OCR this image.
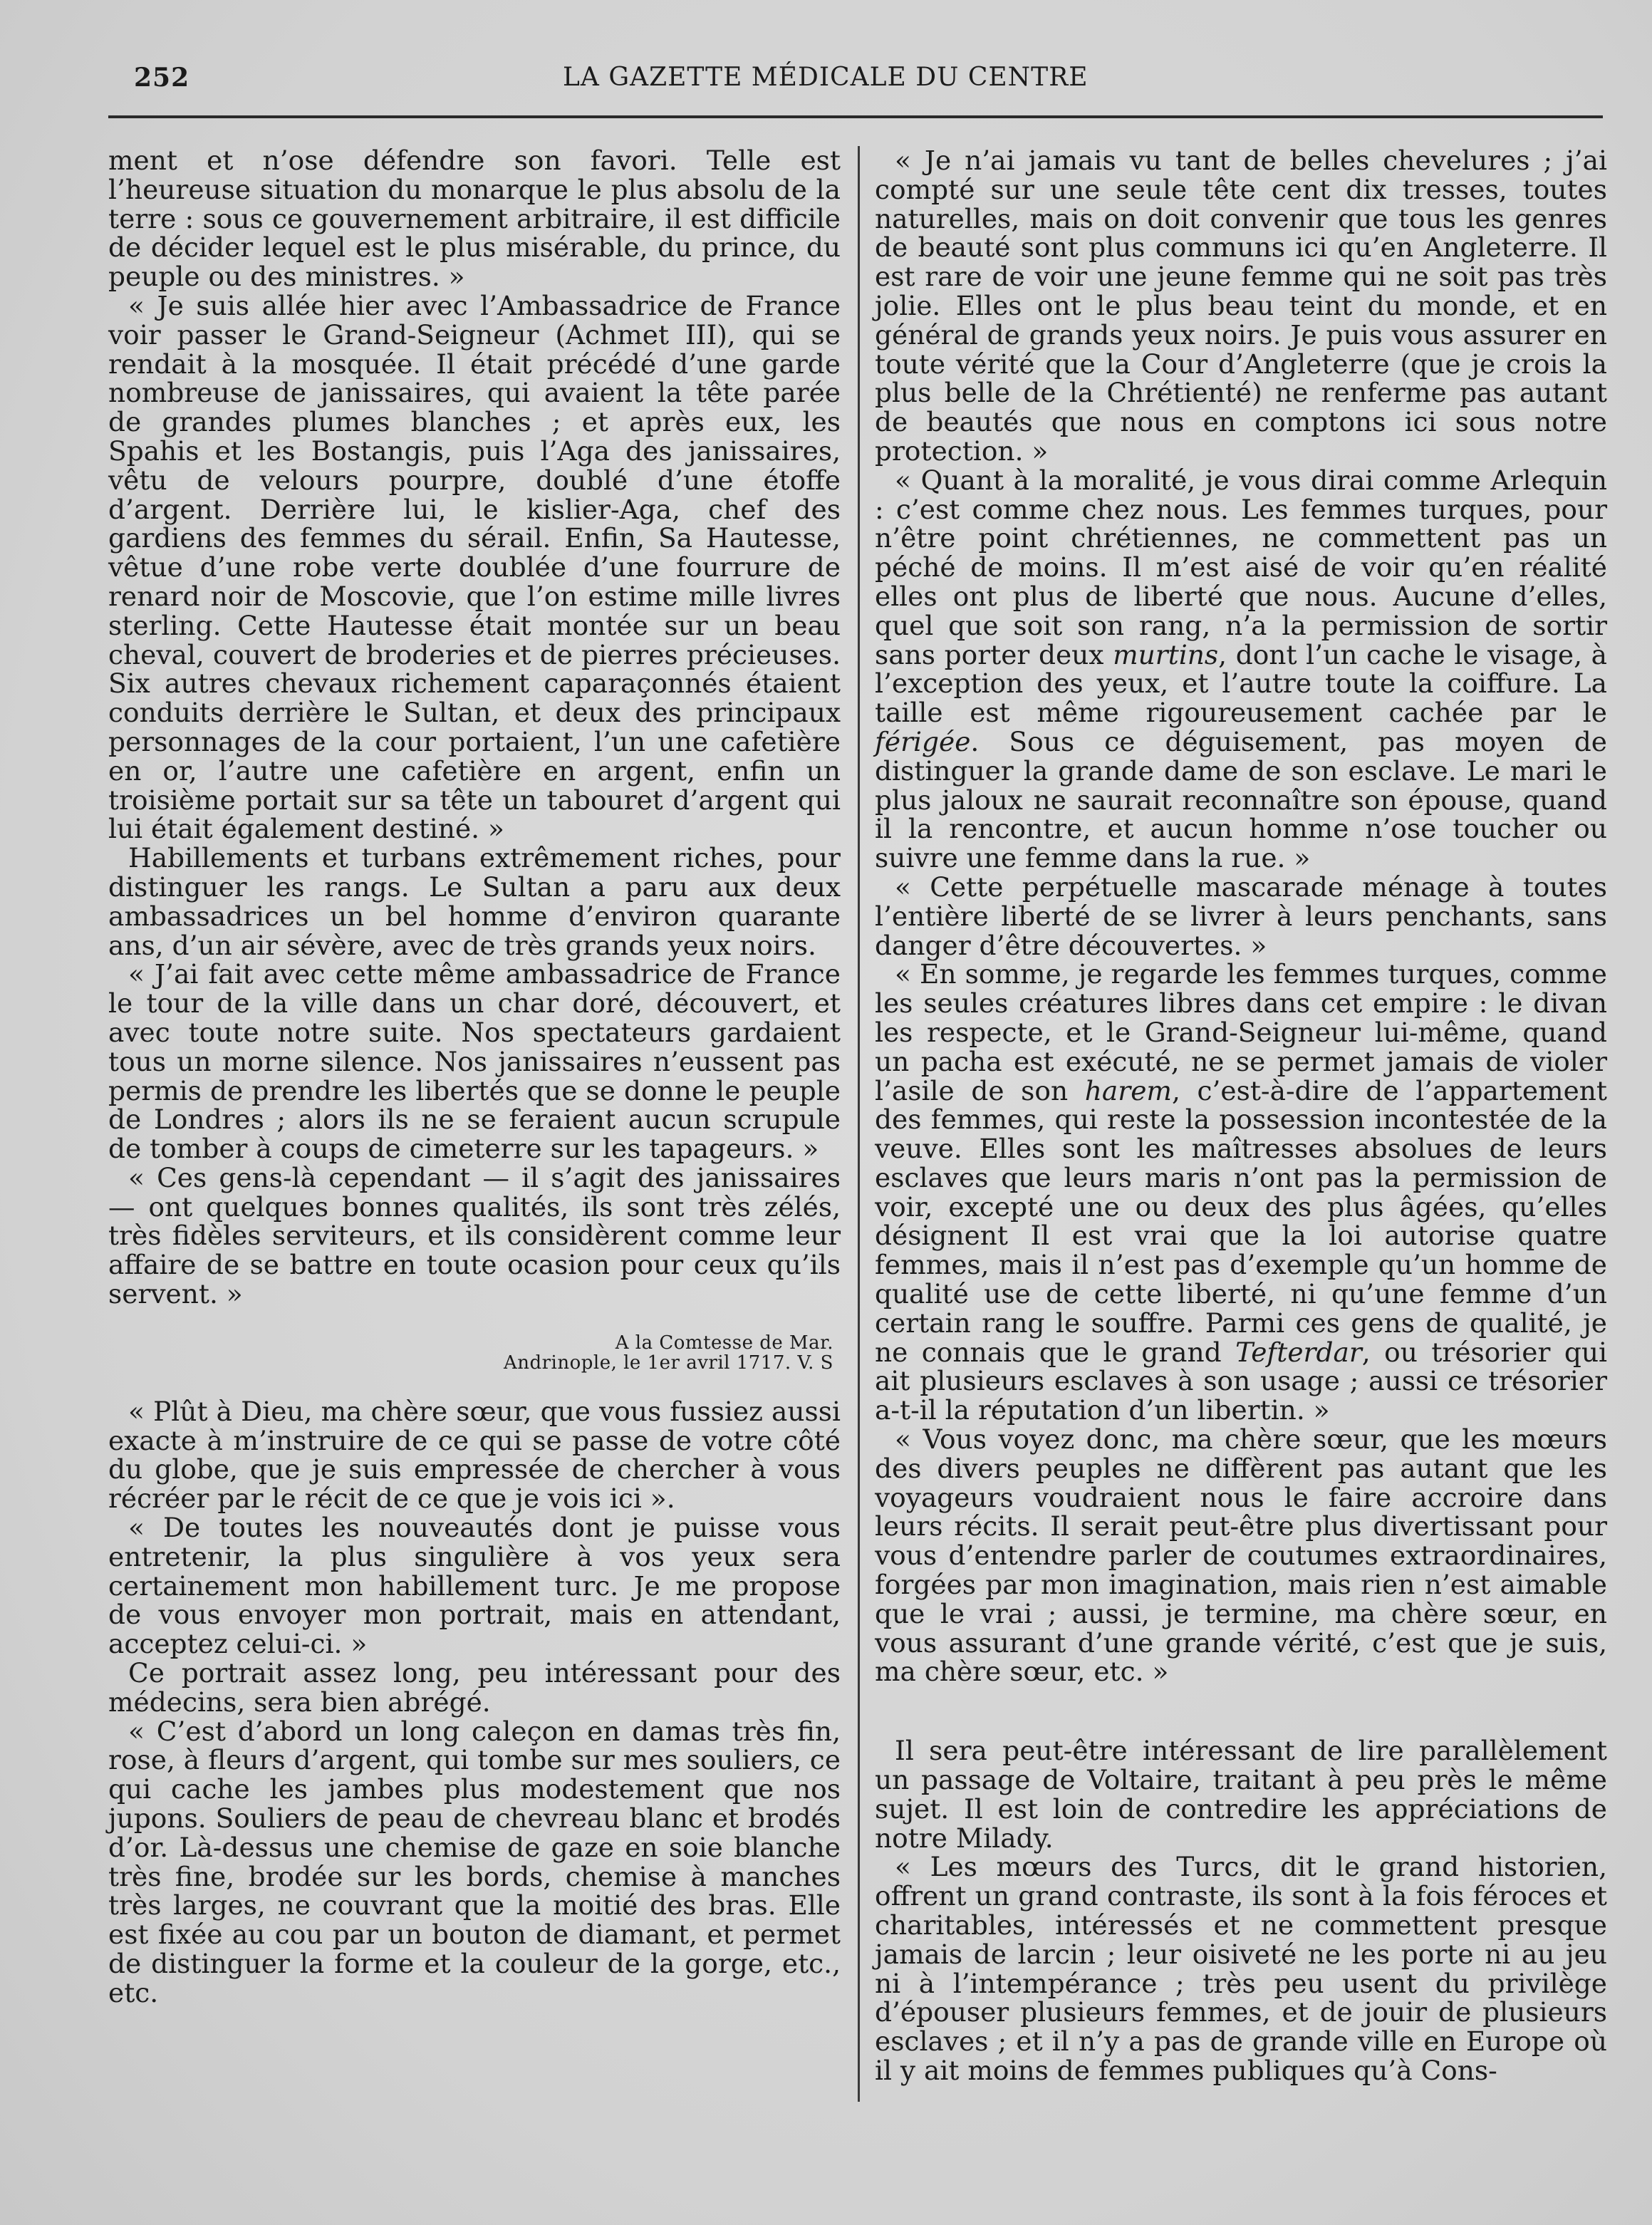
252	LA GAZETTE MÉDICALE DU CENTRE

ment et n’ose défendre son favori. Telle est l’heureuse situation du monarque le plus absolu de la terre : sous ce gouvernement arbitraire, il est difficile de décider lequel est le plus misérable, du prince, du peuple ou des ministres. »

« Je suis allée hier avec l’Ambassadrice de France voir passer le Grand-Seigneur (Achmet III), qui se rendait à la mosquée. Il était précédé d’une garde nombreuse de janissaires, qui avaient la tête parée de grandes plumes blanches ; et après eux, les Spahis et les Bostangis, puis l’Aga des janissaires, vêtu de velours pourpre, doublé d’une étoffe d’argent. Derrière lui, le kislier-Aga, chef des gardiens des femmes du sérail. Enfin, Sa Hautesse, vêtue d’une robe verte doublée d’une fourrure de renard noir de Moscovie, que l’on estime mille livres sterling. Cette Hautesse était montée sur un beau cheval, couvert de broderies et de pierres précieuses. Six autres chevaux richement caparaçonnés étaient conduits derrière le Sultan, et deux des principaux personnages de la cour portaient, l’un une cafetière en or, l’autre une cafetière en argent, enfin un troisième portait sur sa tête un tabouret d’argent qui lui était également destiné. »

Habillements et turbans extrêmement riches, pour distinguer les rangs. Le Sultan a paru aux deux ambassadrices un bel homme d’environ quarante ans, d’un air sévère, avec de très grands yeux noirs.

« J’ai fait avec cette même ambassadrice de France le tour de la ville dans un char doré, découvert, et avec toute notre suite. Nos spectateurs gardaient tous un morne silence. Nos janissaires n’eussent pas permis de prendre les libertés que se donne le peuple de Londres ; alors ils ne se feraient aucun scrupule de tomber à coups de cimeterre sur les tapageurs. »

« Ces gens-là cependant — il s’agit des janissaires — ont quelques bonnes qualités, ils sont très zélés, très fidèles serviteurs, et ils considèrent comme leur affaire de se battre en toute ocasion pour ceux qu’ils servent. »

A la Comtesse de Mar.
Andrinople, le 1er avril 1717. V. S

« Plût à Dieu, ma chère sœur, que vous fussiez aussi exacte à m’instruire de ce qui se passe de votre côté du globe, que je suis empressée de chercher à vous récréer par le récit de ce que je vois ici ».

« De toutes les nouveautés dont je puisse vous entretenir, la plus singulière à vos yeux sera certainement mon habillement turc. Je me propose de vous envoyer mon portrait, mais en attendant, acceptez celui-ci. »

Ce portrait assez long, peu intéressant pour des médecins, sera bien abrégé.

« C’est d’abord un long caleçon en damas très fin, rose, à fleurs d’argent, qui tombe sur mes souliers, ce qui cache les jambes plus modestement que nos jupons. Souliers de peau de chevreau blanc et brodés d’or. Là-dessus une chemise de gaze en soie blanche très fine, brodée sur les bords, chemise à manches très larges, ne couvrant que la moitié des bras. Elle est fixée au cou par un bouton de diamant, et permet de distinguer la forme et la couleur de la gorge, etc., etc.

« Je n’ai jamais vu tant de belles chevelures ; j’ai compté sur une seule tête cent dix tresses, toutes naturelles, mais on doit convenir que tous les genres de beauté sont plus communs ici qu’en Angleterre. Il est rare de voir une jeune femme qui ne soit pas très jolie. Elles ont le plus beau teint du monde, et en général de grands yeux noirs. Je puis vous assurer en toute vérité que la Cour d’Angleterre (que je crois la plus belle de la Chrétienté) ne renferme pas autant de beautés que nous en comptons ici sous notre protection. »

« Quant à la moralité, je vous dirai comme Arlequin : c’est comme chez nous. Les femmes turques, pour n’être point chrétiennes, ne commettent pas un péché de moins. Il m’est aisé de voir qu’en réalité elles ont plus de liberté que nous. Aucune d’elles, quel que soit son rang, n’a la permission de sortir sans porter deux murtins, dont l’un cache le visage, à l’exception des yeux, et l’autre toute la coiffure. La taille est même rigoureusement cachée par le férigée. Sous ce déguisement, pas moyen de distinguer la grande dame de son esclave. Le mari le plus jaloux ne saurait reconnaître son épouse, quand il la rencontre, et aucun homme n’ose toucher ou suivre une femme dans la rue. »

« Cette perpétuelle mascarade ménage à toutes l’entière liberté de se livrer à leurs penchants, sans danger d’être découvertes. »

« En somme, je regarde les femmes turques, comme les seules créatures libres dans cet empire : le divan les respecte, et le Grand-Seigneur lui-même, quand un pacha est exécuté, ne se permet jamais de violer l’asile de son harem, c’est-à-dire de l’appartement des femmes, qui reste la possession incontestée de la veuve. Elles sont les maîtresses absolues de leurs esclaves que leurs maris n’ont pas la permission de voir, excepté une ou deux des plus âgées, qu’elles désignent Il est vrai que la loi autorise quatre femmes, mais il n’est pas d’exemple qu’un homme de qualité use de cette liberté, ni qu’une femme d’un certain rang le souffre. Parmi ces gens de qualité, je ne connais que le grand Tefterdar, ou trésorier qui ait plusieurs esclaves à son usage ; aussi ce trésorier a-t-il la réputation d’un libertin. »

« Vous voyez donc, ma chère sœur, que les mœurs des divers peuples ne diffèrent pas autant que les voyageurs voudraient nous le faire accroire dans leurs récits. Il serait peut-être plus divertissant pour vous d’entendre parler de coutumes extraordinaires, forgées par mon imagination, mais rien n’est aimable que le vrai ; aussi, je termine, ma chère sœur, en vous assurant d’une grande vérité, c’est que je suis, ma chère sœur, etc. »

Il sera peut-être intéressant de lire parallèlement un passage de Voltaire, traitant à peu près le même sujet. Il est loin de contredire les appréciations de notre Milady.

« Les mœurs des Turcs, dit le grand historien, offrent un grand contraste, ils sont à la fois féroces et charitables, intéressés et ne commettent presque jamais de larcin ; leur oisiveté ne les porte ni au jeu ni à l’intempérance ; très peu usent du privilège d’épouser plusieurs femmes, et de jouir de plusieurs esclaves ; et il n’y a pas de grande ville en Europe où il y ait moins de femmes publiques qu’à Cons-
